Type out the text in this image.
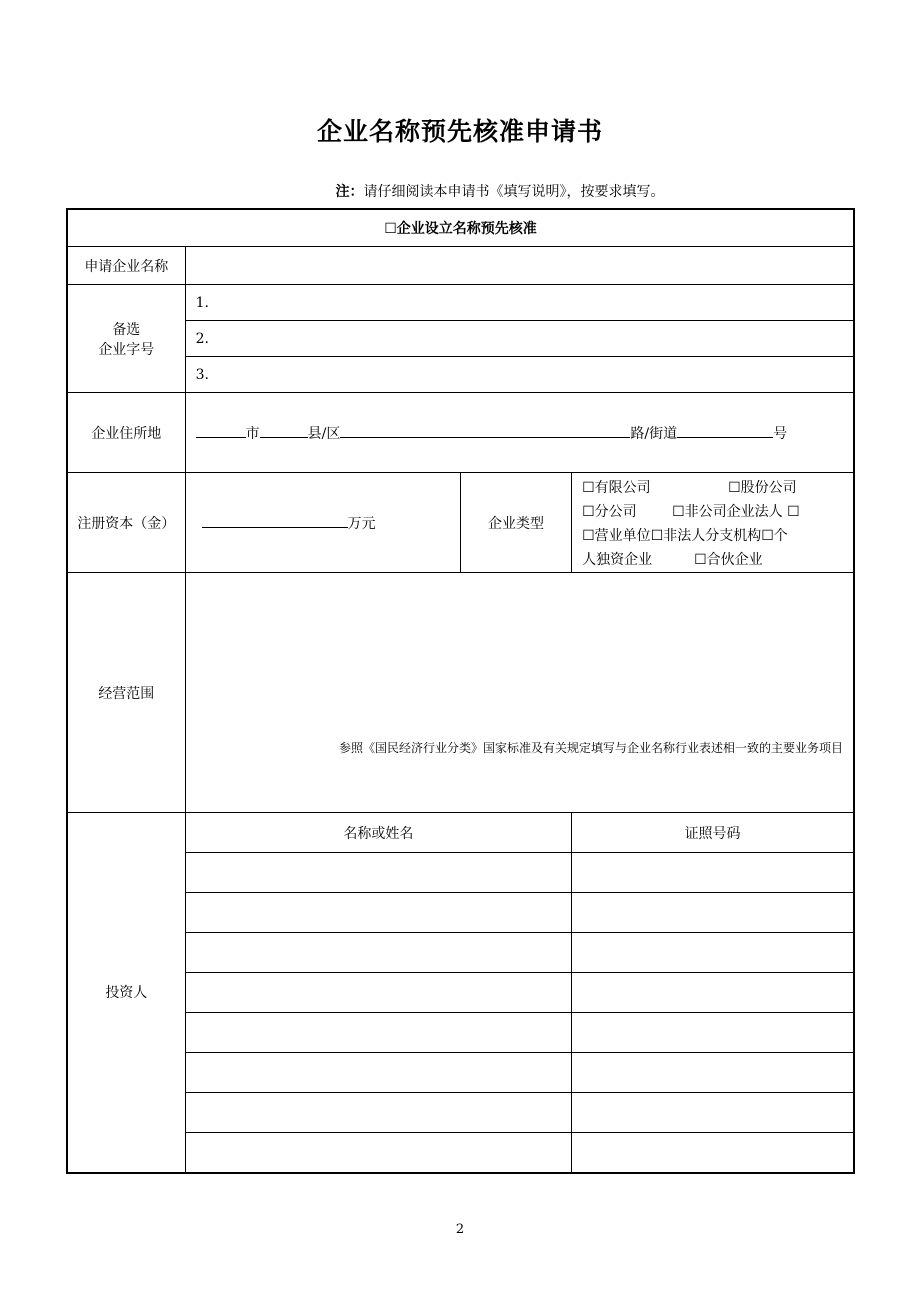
企业名称预先核准申请书
注：请仔细阅读本申请书《填写说明》，按要求填写。
☐企业设立名称预先核准			
申请企业名称			

备选
企业字号	1.		
	2.		
	3.		
企业住所地	市 县/区 路/街道 号		
注册资本（金）	万元	企业类型	☐有限公司 ☐股份公司
☐分公司 ☐非公司企业法人 ☐
☐营业单位☐非法人分支机构☐个
人独资企业 ☐合伙企业
经营范围	参照《国民经济行业分类》国家标准及有关规定填写与企业名称行业表述相一致的主要业务项目		

投资人	名称或姓名		证照号码

2
